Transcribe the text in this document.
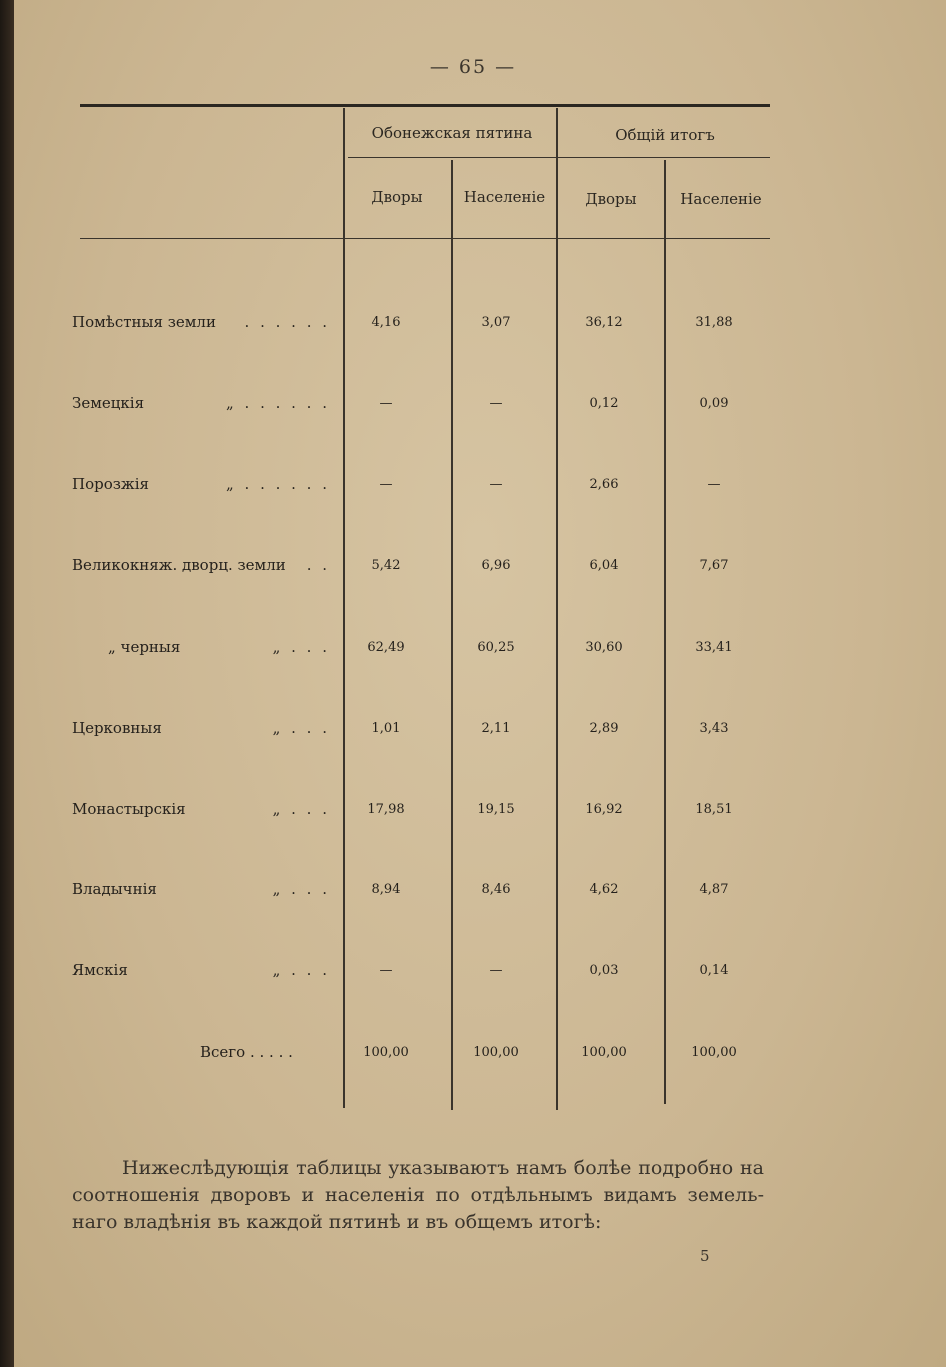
— 65 —
Обонежская пятина	Общій итогъ
Дворы	Населеніе	Дворы	Населеніе
Помѣстныя земли . . . . . .	4,16	3,07	36,12	31,88
Земецкія	„ . . . . . .	—	—	0,12	0,09
Порозжія	„ . . . . . .	—	—	2,66	—
Великокняж. дворц. земли . .	5,42	6,96	6,04	7,67
„ черныя	„ . . .	62,49	60,25	30,60	33,41
Церковныя	„ . . .	1,01	2,11	2,89	3,43
Монастырскія	„ . . .	17,98	19,15	16,92	18,51
Владычнія	„ . . .	8,94	8,46	4,62	4,87
Ямскія	„ . . .	—	—	0,03	0,14
Всего . . . . .	100,00	100,00	100,00	100,00
Нижеслѣдующія таблицы указываютъ намъ болѣе подробно на
соотношенія дворовъ и населенія по отдѣльнымъ видамъ земель-
наго владѣнія въ каждой пятинѣ и въ общемъ итогѣ:
5
